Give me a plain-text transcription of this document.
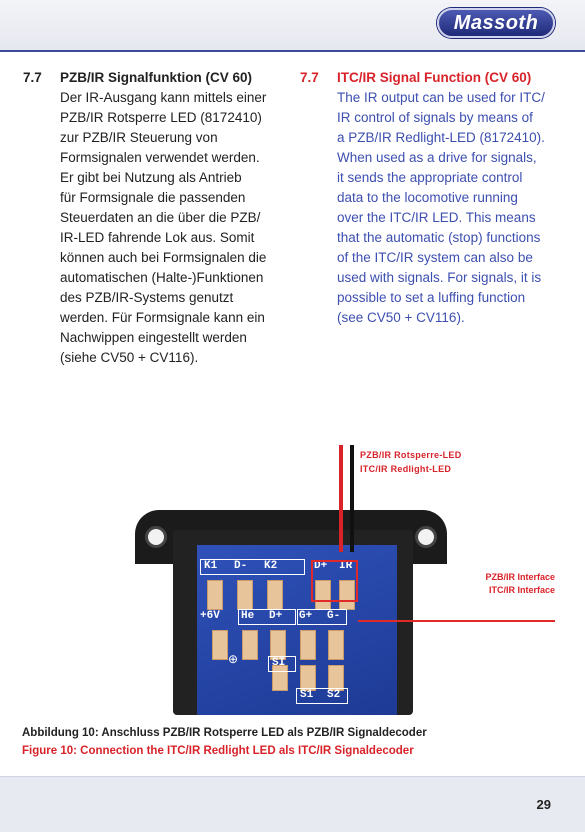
Massoth
7.7 PZB/IR Signalfunktion (CV 60)
Der IR-Ausgang kann mittels einer
PZB/IR Rotsperre LED (8172410)
zur PZB/IR Steuerung von
Formsignalen verwendet werden.
Er gibt bei Nutzung als Antrieb
für Formsignale die passenden
Steuerdaten an die über die PZB/
IR-LED fahrende Lok aus. Somit
können auch bei Formsignalen die
automatischen (Halte-)Funktionen
des PZB/IR-Systems genutzt
werden. Für Formsignale kann ein
Nachwippen eingestellt werden
(siehe CV50 + CV116).
7.7 ITC/IR Signal Function (CV 60)
The IR output can be used for ITC/
IR control of signals by means of
a PZB/IR Redlight-LED (8172410).
When used as a drive for signals,
it sends the appropriate control
data to the locomotive running
over the ITC/IR LED. This means
that the automatic (stop) functions
of the ITC/IR system can also be
used with signals. For signals, it is
possible to set a luffing function
(see CV50 + CV116).
K1 D- K2	D+ IR
+6V He D+ G+ G-
SI
S1 S2
⊕
PZB/IR Rotsperre-LED
ITC/IR Redlight-LED
PZB/IR Interface
ITC/IR Interface
Abbildung 10: Anschluss PZB/IR Rotsperre LED als PZB/IR Signaldecoder
Figure 10: Connection the ITC/IR Redlight LED als ITC/IR Signaldecoder
29
